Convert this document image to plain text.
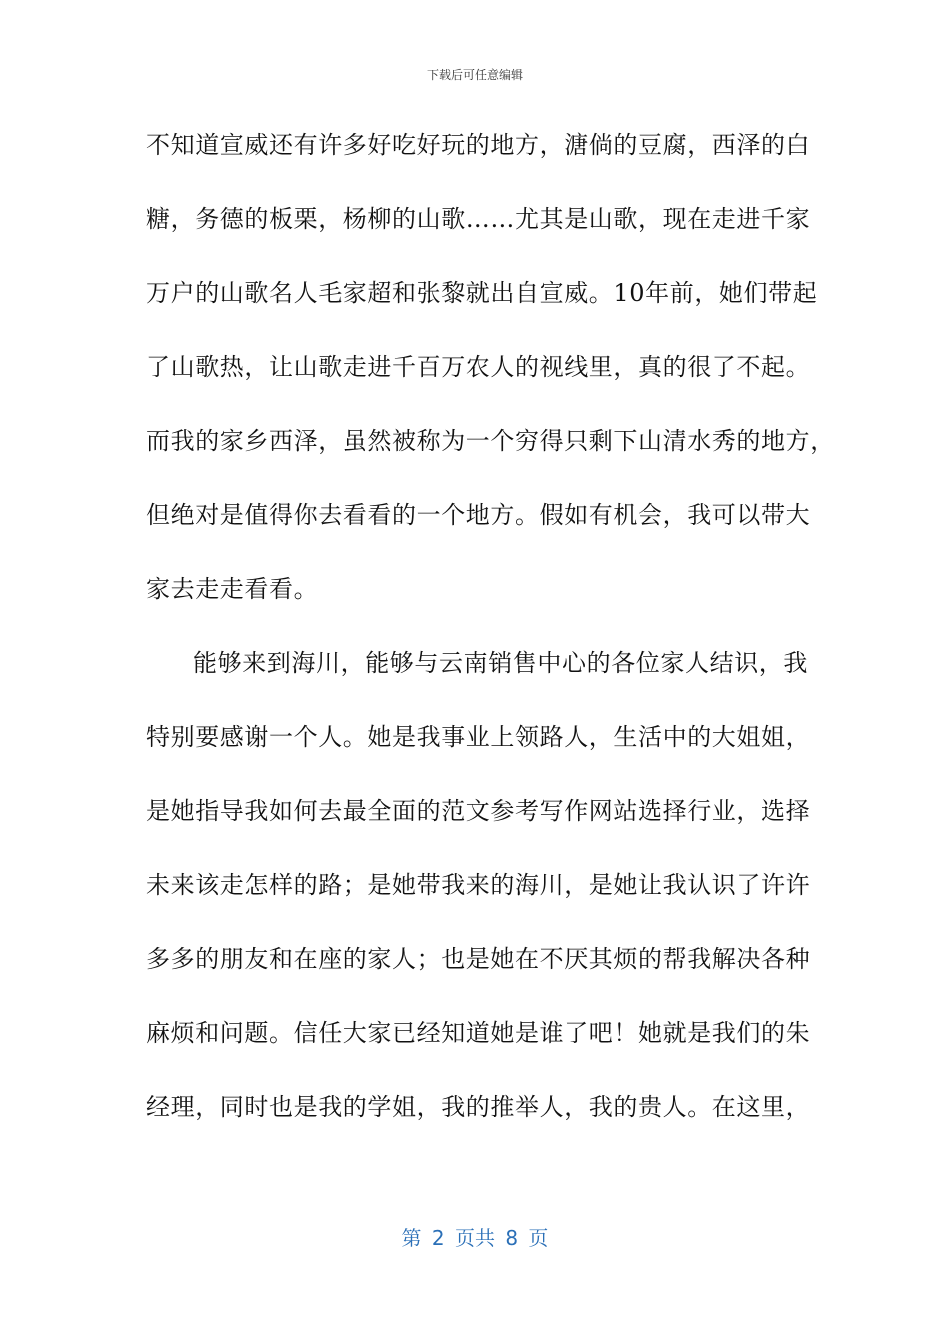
下载后可任意编辑
不知道宣威还有许多好吃好玩的地方，溏倘的豆腐，西泽的白
糖，务德的板栗，杨柳的山歌……尤其是山歌，现在走进千家
万户的山歌名人毛家超和张黎就出自宣威。10年前，她们带起
了山歌热，让山歌走进千百万农人的视线里，真的很了不起。
而我的家乡西泽，虽然被称为一个穷得只剩下山清水秀的地方，
但绝对是值得你去看看的一个地方。假如有机会，我可以带大
家去走走看看。
能够来到海川，能够与云南销售中心的各位家人结识，我
特别要感谢一个人。她是我事业上领路人，生活中的大姐姐，
是她指导我如何去最全面的范文参考写作网站选择行业，选择
未来该走怎样的路；是她带我来的海川，是她让我认识了许许
多多的朋友和在座的家人；也是她在不厌其烦的帮我解决各种
麻烦和问题。信任大家已经知道她是谁了吧！她就是我们的朱
经理，同时也是我的学姐，我的推举人，我的贵人。在这里，
第 2 页共 8 页
